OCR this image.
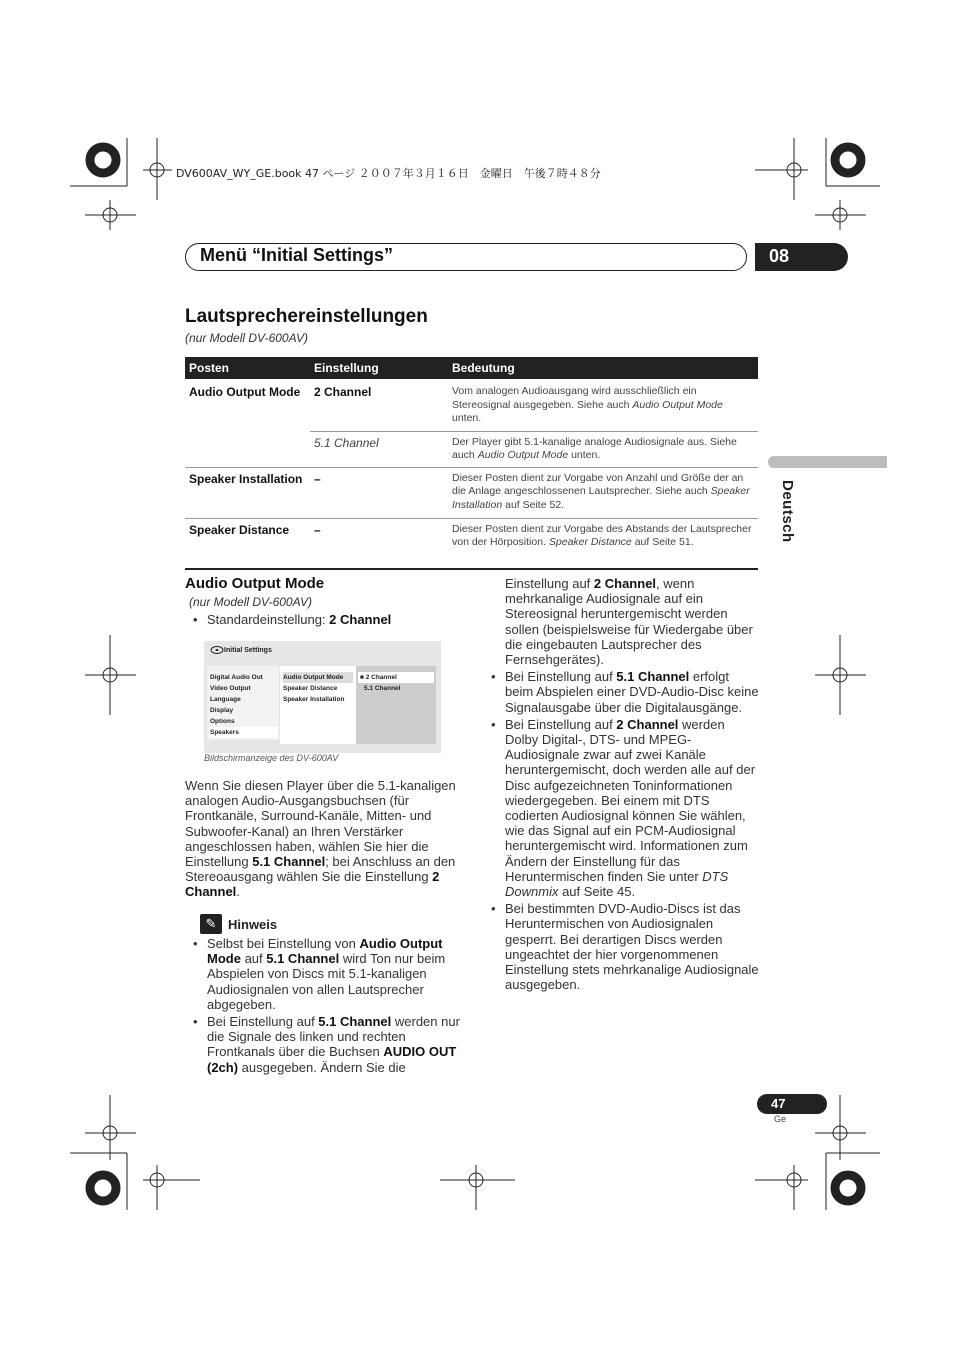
DV600AV_WY_GE.book 47 ページ ２００７年３月１６日　金曜日　午後７時４８分
Menü “Initial Settings”	08
Deutsch
Lautsprechereinstellungen
(nur Modell DV-600AV)
Posten	Einstellung	Bedeutung
Audio Output Mode	2 Channel	Vom analogen Audioausgang wird ausschließlich ein Stereosignal ausgegeben. Siehe auch Audio Output Mode unten.
	5.1 Channel	Der Player gibt 5.1-kanalige analoge Audiosignale aus. Siehe auch Audio Output Mode unten.
Speaker Installation	–	Dieser Posten dient zur Vorgabe von Anzahl und Größe der an die Anlage angeschlossenen Lautsprecher. Siehe auch Speaker Installation auf Seite 52.
Speaker Distance	–	Dieser Posten dient zur Vorgabe des Abstands der Lautsprecher von der Hörposition. Speaker Distance auf Seite 51.
Audio Output Mode
(nur Modell DV-600AV)
• Standardeinstellung: 2 Channel
Initial Settings
Digital Audio Out
Video Output
Language
Display
Options
Speakers
Audio Output Mode
Speaker Distance
Speaker Installation
■ 2 Channel
5.1 Channel
Bildschirmanzeige des DV-600AV
Wenn Sie diesen Player über die 5.1-kanaligen analogen Audio-Ausgangsbuchsen (für Frontkanäle, Surround-Kanäle, Mitten- und Subwoofer-Kanal) an Ihren Verstärker angeschlossen haben, wählen Sie hier die Einstellung 5.1 Channel; bei Anschluss an den Stereoausgang wählen Sie die Einstellung 2 Channel.
✎ Hinweis
• Selbst bei Einstellung von Audio Output Mode auf 5.1 Channel wird Ton nur beim Abspielen von Discs mit 5.1-kanaligen Audiosignalen von allen Lautsprecher abgegeben.
• Bei Einstellung auf 5.1 Channel werden nur die Signale des linken und rechten Frontkanals über die Buchsen AUDIO OUT (2ch) ausgegeben. Ändern Sie die
Einstellung auf 2 Channel, wenn mehrkanalige Audiosignale auf ein Stereosignal heruntergemischt werden sollen (beispielsweise für Wiedergabe über die eingebauten Lautsprecher des Fernsehgerätes).
• Bei Einstellung auf 5.1 Channel erfolgt beim Abspielen einer DVD-Audio-Disc keine Signalausgabe über die Digitalausgänge.
• Bei Einstellung auf 2 Channel werden Dolby Digital-, DTS- und MPEG-Audiosignale zwar auf zwei Kanäle heruntergemischt, doch werden alle auf der Disc aufgezeichneten Toninformationen wiedergegeben. Bei einem mit DTS codierten Audiosignal können Sie wählen, wie das Signal auf ein PCM-Audiosignal heruntergemischt wird. Informationen zum Ändern der Einstellung für das Heruntermischen finden Sie unter DTS Downmix auf Seite 45.
• Bei bestimmten DVD-Audio-Discs ist das Heruntermischen von Audiosignalen gesperrt. Bei derartigen Discs werden ungeachtet der hier vorgenommenen Einstellung stets mehrkanalige Audiosignale ausgegeben.
47
Ge
